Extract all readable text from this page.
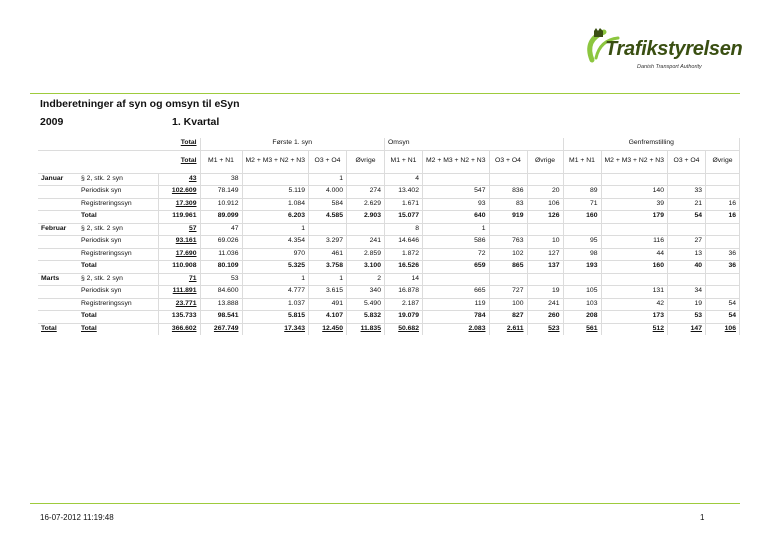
Trafikstyrelsen
Danish Transport Authority
Indberetninger af syn og omsyn til eSyn
2009	1. Kvartal
		Total	Første 1. syn				Omsyn				Genfremstilling			
		Total	M1 + N1	M2 + M3 + N2 + N3	O3 + O4	Øvrige	M1 + N1	M2 + M3 + N2 + N3	O3 + O4	Øvrige	M1 + N1	M2 + M3 + N2 + N3	O3 + O4	Øvrige
Januar	§ 2, stk. 2 syn	43	38		1		4							
	Periodisk syn	102.609	78.149	5.119	4.000	274	13.402	547	836	20	89	140	33	
	Registreringssyn	17.309	10.912	1.084	584	2.629	1.671	93	83	106	71	39	21	16
	Total	119.961	89.099	6.203	4.585	2.903	15.077	640	919	126	160	179	54	16
Februar	§ 2, stk. 2 syn	57	47	1			8	1						
	Periodisk syn	93.161	69.026	4.354	3.297	241	14.646	586	763	10	95	116	27	
	Registreringssyn	17.690	11.036	970	461	2.859	1.872	72	102	127	98	44	13	36
	Total	110.908	80.109	5.325	3.758	3.100	16.526	659	865	137	193	160	40	36
Marts	§ 2, stk. 2 syn	71	53	1	1	2	14							
	Periodisk syn	111.891	84.600	4.777	3.615	340	16.878	665	727	19	105	131	34	
	Registreringssyn	23.771	13.888	1.037	491	5.490	2.187	119	100	241	103	42	19	54
	Total	135.733	98.541	5.815	4.107	5.832	19.079	784	827	260	208	173	53	54
Total	Total	366.602	267.749	17.343	12.450	11.835	50.682	2.083	2.611	523	561	512	147	106
16-07-2012 11:19:48	1
